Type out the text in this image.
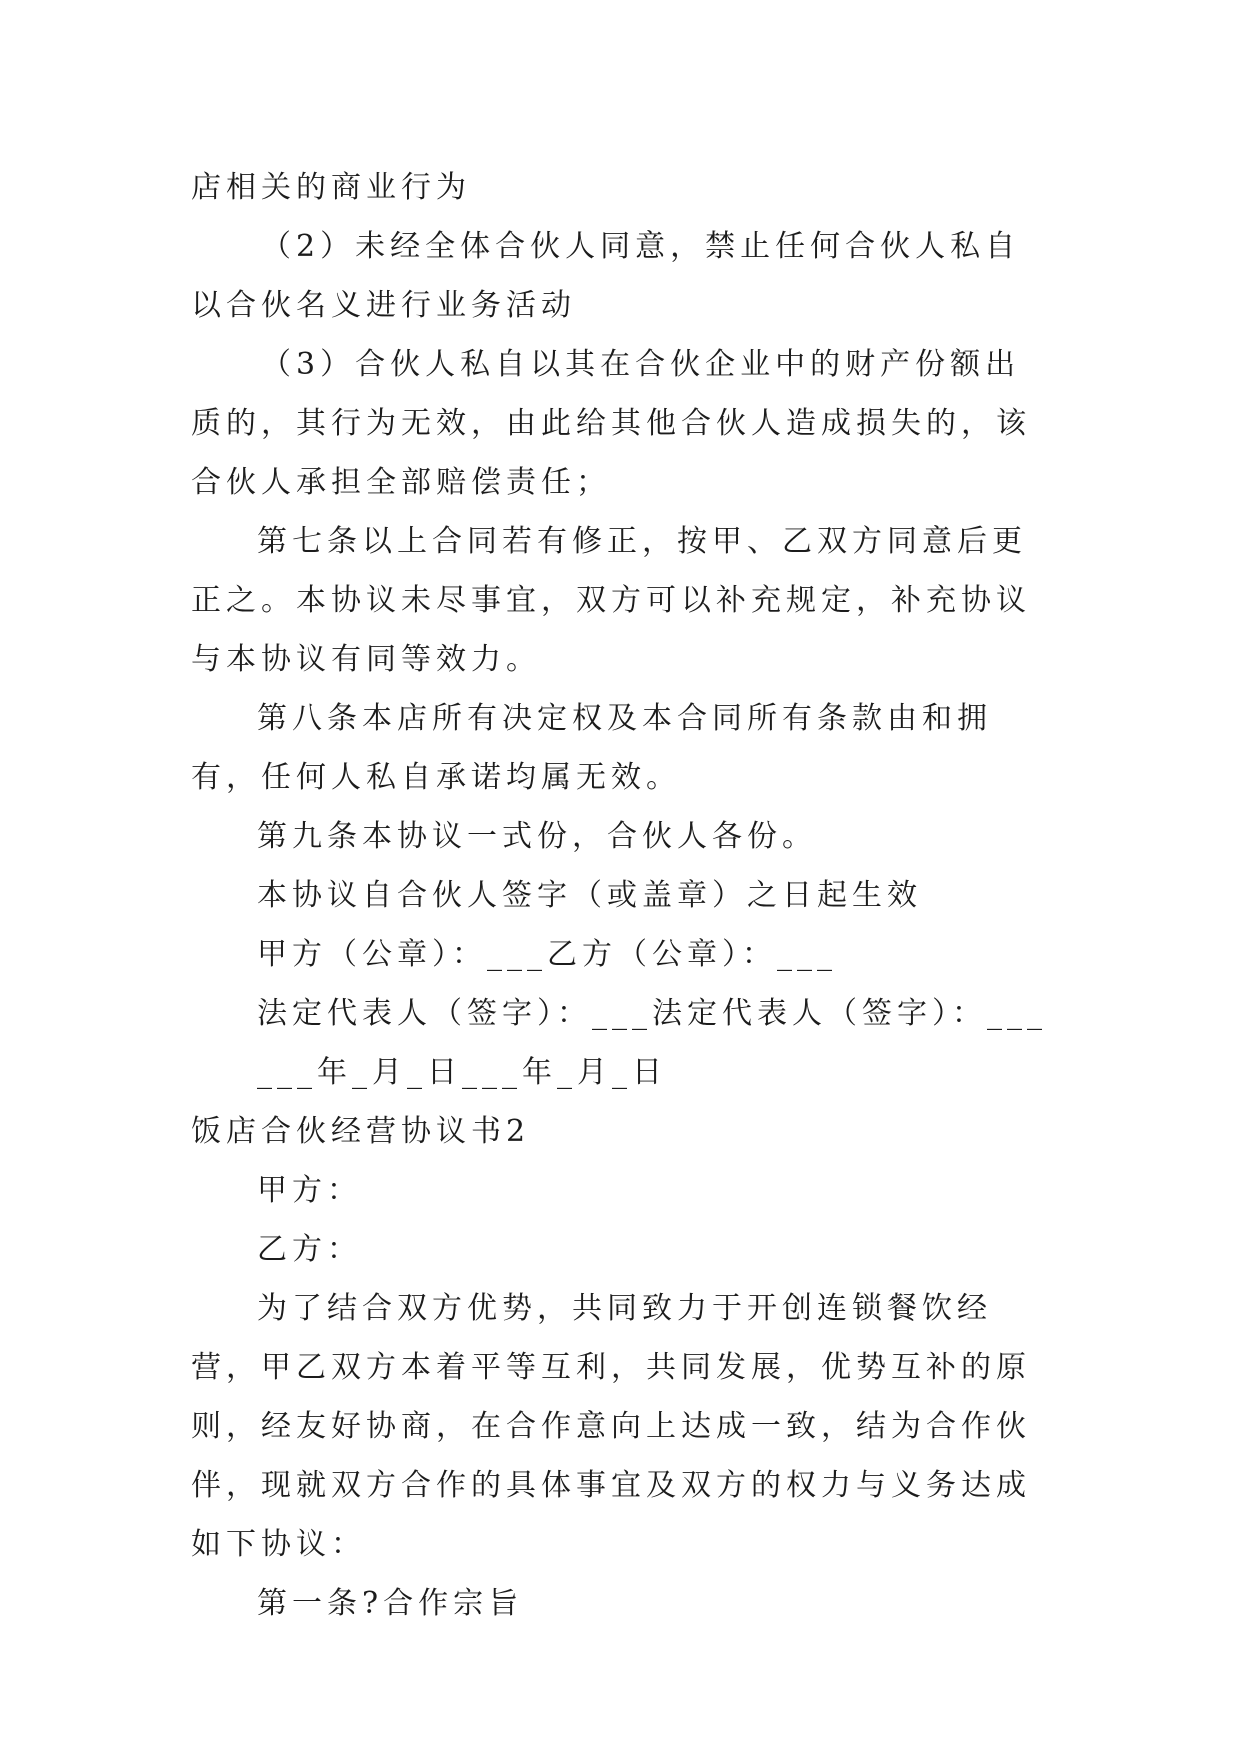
店相关的商业行为

（2）未经全体合伙人同意，禁止任何合伙人私自以合伙名义进行业务活动

（3）合伙人私自以其在合伙企业中的财产份额出质的，其行为无效，由此给其他合伙人造成损失的，该合伙人承担全部赔偿责任；

第七条以上合同若有修正，按甲、乙双方同意后更正之。本协议未尽事宜，双方可以补充规定，补充协议与本协议有同等效力。

第八条本店所有决定权及本合同所有条款由和拥有，任何人私自承诺均属无效。

第九条本协议一式份，合伙人各份。

本协议自合伙人签字（或盖章）之日起生效

甲方（公章）：___乙方（公章）：___

法定代表人（签字）：___法定代表人（签字）：___

___年_月_日___年_月_日

饭店合伙经营协议书2

甲方：

乙方：

为了结合双方优势，共同致力于开创连锁餐饮经营，甲乙双方本着平等互利，共同发展，优势互补的原则，经友好协商，在合作意向上达成一致，结为合作伙伴，现就双方合作的具体事宜及双方的权力与义务达成如下协议：

第一条?合作宗旨
